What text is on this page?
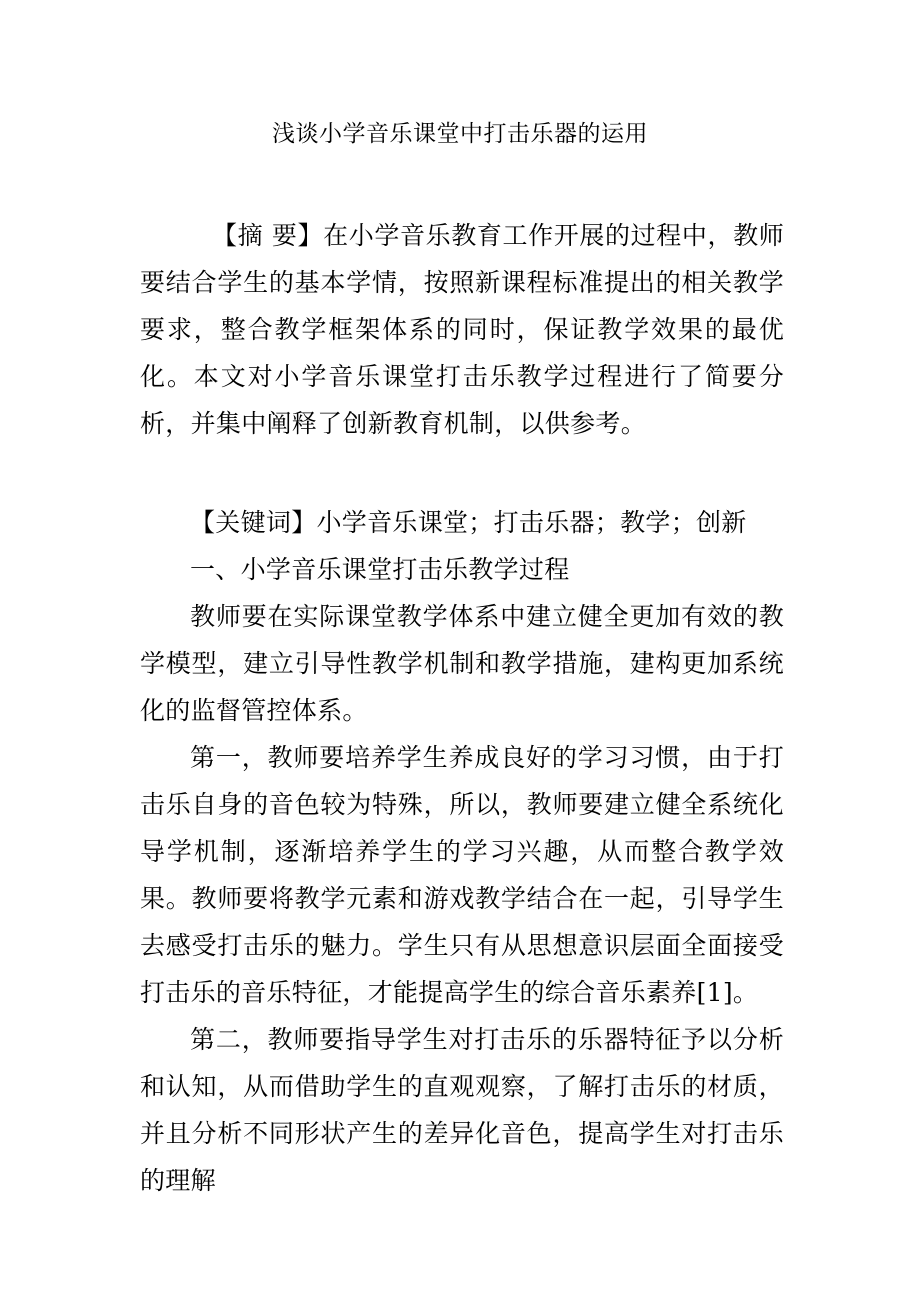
浅谈小学音乐课堂中打击乐器的运用

【摘 要】在小学音乐教育工作开展的过程中，教师要结合学生的基本学情，按照新课程标准提出的相关教学要求，整合教学框架体系的同时，保证教学效果的最优化。本文对小学音乐课堂打击乐教学过程进行了简要分析，并集中阐释了创新教育机制，以供参考。

【关键词】小学音乐课堂；打击乐器；教学；创新

一、小学音乐课堂打击乐教学过程

教师要在实际课堂教学体系中建立健全更加有效的教学模型，建立引导性教学机制和教学措施，建构更加系统化的监督管控体系。

第一，教师要培养学生养成良好的学习习惯，由于打击乐自身的音色较为特殊，所以，教师要建立健全系统化导学机制，逐渐培养学生的学习兴趣，从而整合教学效果。教师要将教学元素和游戏教学结合在一起，引导学生去感受打击乐的魅力。学生只有从思想意识层面全面接受打击乐的音乐特征，才能提高学生的综合音乐素养[1]。

第二，教师要指导学生对打击乐的乐器特征予以分析和认知，从而借助学生的直观观察，了解打击乐的材质，并且分析不同形状产生的差异化音色，提高学生对打击乐的理解
